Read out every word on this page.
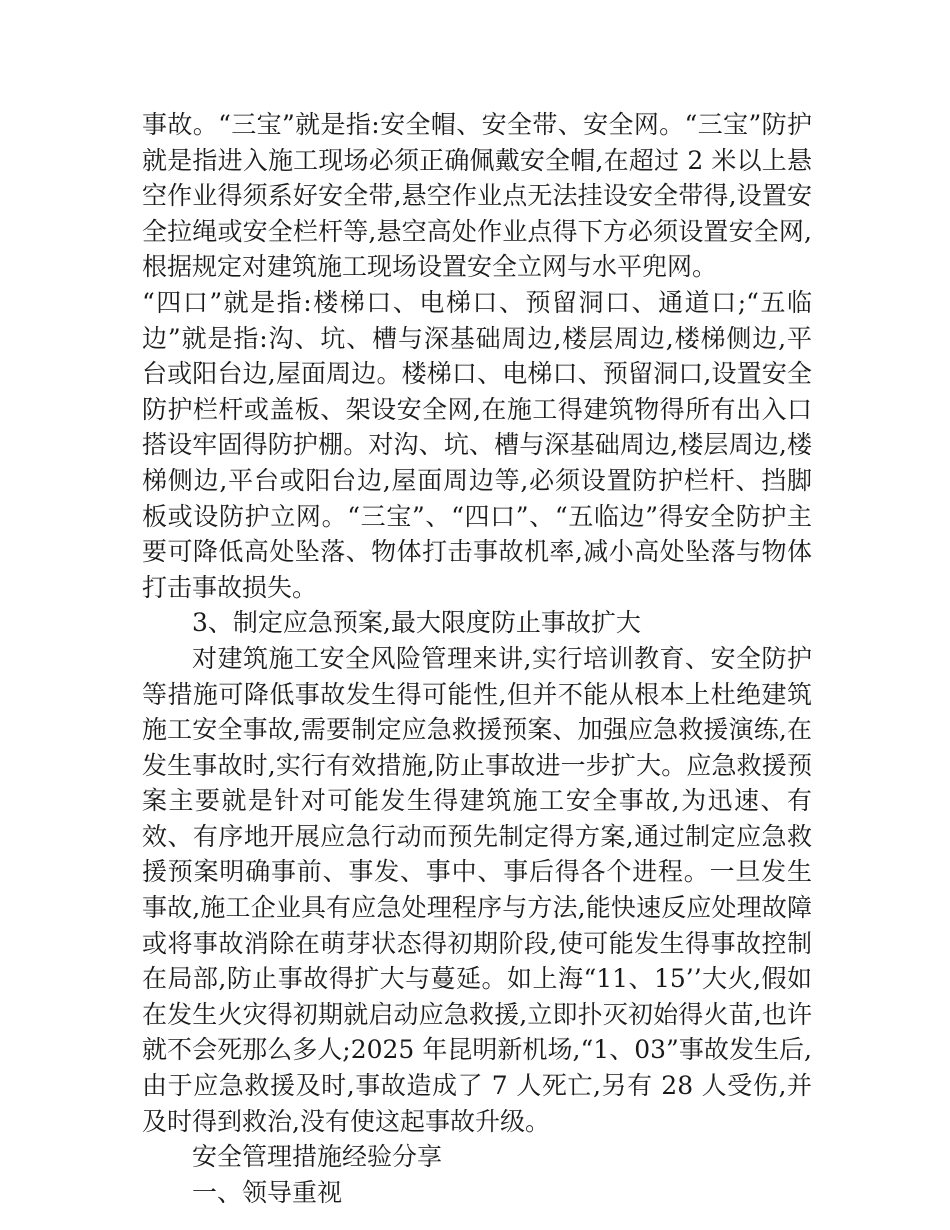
事故。“三宝”就是指:安全帽、安全带、安全网。“三宝”防护就是指进入施工现场必须正确佩戴安全帽,在超过 2 米以上悬空作业得须系好安全带,悬空作业点无法挂设安全带得,设置安全拉绳或安全栏杆等,悬空高处作业点得下方必须设置安全网,根据规定对建筑施工现场设置安全立网与水平兜网。

“四口”就是指:楼梯口、电梯口、预留洞口、通道口;“五临边”就是指:沟、坑、槽与深基础周边,楼层周边,楼梯侧边,平台或阳台边,屋面周边。楼梯口、电梯口、预留洞口,设置安全防护栏杆或盖板、架设安全网,在施工得建筑物得所有出入口搭设牢固得防护棚。对沟、坑、槽与深基础周边,楼层周边,楼梯侧边,平台或阳台边,屋面周边等,必须设置防护栏杆、挡脚板或设防护立网。“三宝”、“四口”、“五临边”得安全防护主要可降低高处坠落、物体打击事故机率,减小高处坠落与物体打击事故损失。

3、制定应急预案,最大限度防止事故扩大

对建筑施工安全风险管理来讲,实行培训教育、安全防护等措施可降低事故发生得可能性,但并不能从根本上杜绝建筑施工安全事故,需要制定应急救援预案、加强应急救援演练,在发生事故时,实行有效措施,防止事故进一步扩大。应急救援预案主要就是针对可能发生得建筑施工安全事故,为迅速、有效、有序地开展应急行动而预先制定得方案,通过制定应急救援预案明确事前、事发、事中、事后得各个进程。一旦发生事故,施工企业具有应急处理程序与方法,能快速反应处理故障或将事故消除在萌芽状态得初期阶段,使可能发生得事故控制在局部,防止事故得扩大与蔓延。如上海“11、15’’大火,假如在发生火灾得初期就启动应急救援,立即扑灭初始得火苗,也许就不会死那么多人;2025 年昆明新机场,“1、03”事故发生后,由于应急救援及时,事故造成了 7 人死亡,另有 28 人受伤,并及时得到救治,没有使这起事故升级。

安全管理措施经验分享

一、领导重视
